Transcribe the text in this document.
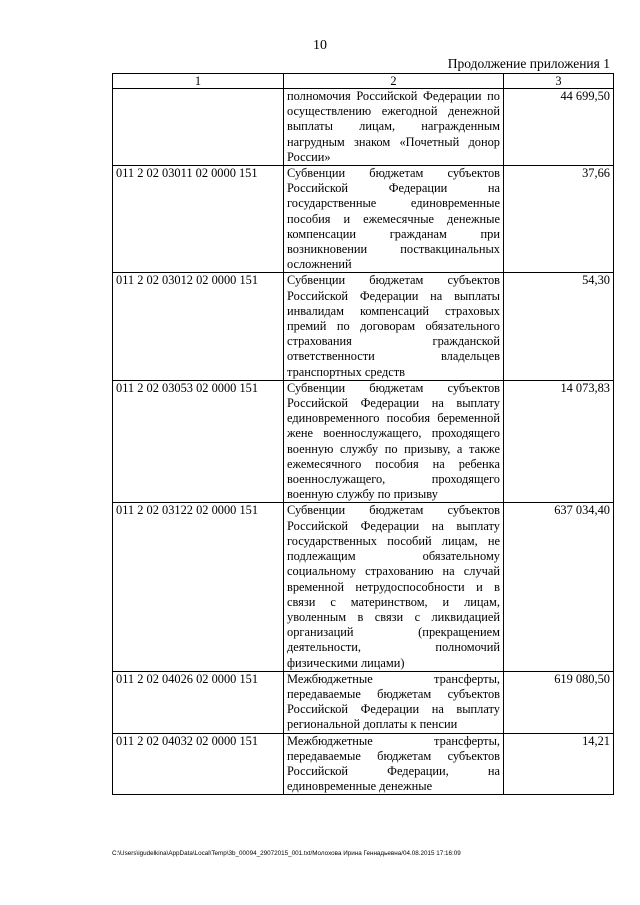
10
Продолжение приложения 1
1	2	3
	полномочия Российской Федерации по осуществлению ежегодной денежной выплаты лицам, награжденным нагрудным знаком «Почетный донор России»	44 699,50
011 2 02 03011 02 0000 151	Субвенции бюджетам субъектов Российской Федерации на государственные единовременные пособия и ежемесячные денежные компенсации гражданам при возникновении поствакцинальных осложнений	37,66
011 2 02 03012 02 0000 151	Субвенции бюджетам субъектов Российской Федерации на выплаты инвалидам компенсаций страховых премий по договорам обязательного страхования гражданской ответственности владельцев транспортных средств	54,30
011 2 02 03053 02 0000 151	Субвенции бюджетам субъектов Российской Федерации на выплату единовременного пособия беременной жене военнослужащего, проходящего военную службу по призыву, а также ежемесячного пособия на ребенка военнослужащего, проходящего военную службу по призыву	14 073,83
011 2 02 03122 02 0000 151	Субвенции бюджетам субъектов Российской Федерации на выплату государственных пособий лицам, не подлежащим обязательному социальному страхованию на случай временной нетрудоспособности и в связи с материнством, и лицам, уволенным в связи с ликвидацией организаций (прекращением деятельности, полномочий физическими лицами)	637 034,40
011 2 02 04026 02 0000 151	Межбюджетные трансферты, передаваемые бюджетам субъектов Российской Федерации на выплату региональной доплаты к пенсии	619 080,50
011 2 02 04032 02 0000 151	Межбюджетные трансферты, передаваемые бюджетам субъектов Российской Федерации, на единовременные денежные	14,21
C:\Users\igudelkina\AppData\Local\Temp\3b_00094_29072015_001.txt/Молохова Ирина Геннадьевна/04.08.2015 17:16:09
